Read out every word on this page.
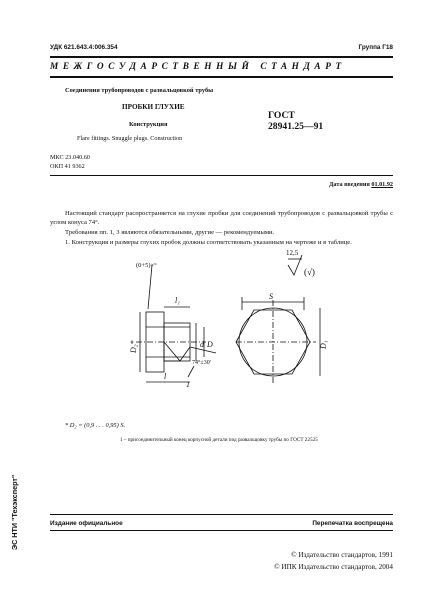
УДК 621.643.4:006.354	Группа Г18
МЕЖГОСУДАРСТВЕННЫЙ СТАНДАРТ
Соединения трубопроводов с развальцовкой трубы
ПРОБКИ ГЛУХИЕ
Конструкция
ГОСТ
28941.25—91
Flare fittings. Snuggle plugs. Construction
МКС 23.040.60
ОКП 41 9362
Дата введения 01.01.92
Настоящий стандарт распространяется на глухие пробки для соединений трубопроводов с развальцовкой трубы с углом конуса 74°.
Требования пп. 1, 3 являются обязательными, другие — рекомендуемыми.
1. Конструкция и размеры глухих пробок должны соответствовать указанным на чертеже и в таблице.
(0+5)×°
D₂*
l₁
d D
l
74°±30'
1
S
D₁
12,5
(√)
* D₂ = (0,9 . . . 0,95) S.
1 – присоединительный конец корпусной детали под развальцовку трубы по ГОСТ 22525
Издание официальное	Перепечатка воспрещена
© Издательство стандартов, 1991
© ИПК Издательство стандартов, 2004
ЭС НТИ "Техэксперт"
